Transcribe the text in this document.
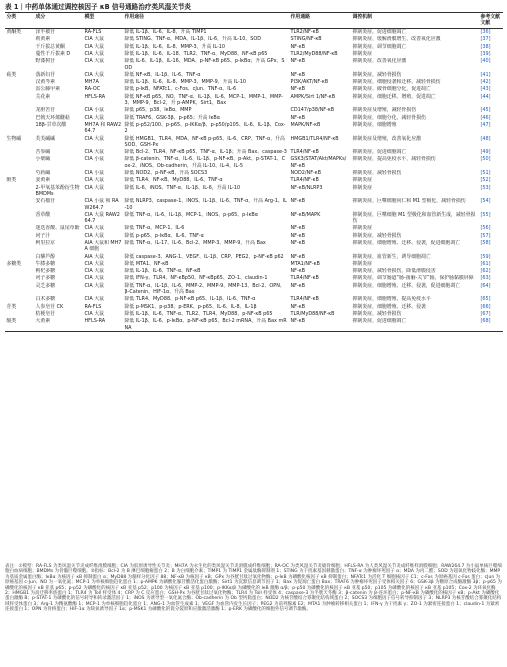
表 1｜中药单体通过调控核因子 κB 信号通路治疗类风湿关节炎
分类	成分	模型	作用途径	作用通路	调控机制	参考文献
文献
黄酮类	泽半被苷	RA-FLS	降低 IL-1β、IL-6、IL-8，升高 TIMP1	TLR2/NF-κB	抑制炎症，促进细胞凋亡	[36]
	莉黄素	CIA 大鼠	降低 STING、TNF-α、MDA、IL-1β、IL-6，升高 IL-10、SOD	STING/NF-κB	抑制炎症，缓解滑膜增生，改善氧化应激	[37]
	千斤拔总黄酮	CIA 大鼠	降低 IL-1β、IL-6、IL-8、MMP-3，升高 IL-10	NF-κB	抑制炎症，调节细胞凋亡	[38]
	蔓性千斤拔素 D	CIA 大鼠	降低 IL-1β、IL-6、IL-18、TLR2、TNF-α、MyD88、NF-κB p65	TLR2/MyD88/NF-κB	抑制炎症	[39]
	野漆树苷	CIA 大鼠	降低 IL-6、IL-1β、IL-16、MDA、p-NF-κB p65、p-IκBα；升高 GPx、SOD	NF-κB	抑制炎症，改善氧化应激	[40]
萜类	落新妇苷	CIA 大鼠	降低 NF-κB、IL-1β、IL-6、TNF-α	NF-κB	抑制炎症，减轻骨损伤	[41]
	汉黄芩素	MH7A	降低 IL-1β、IL-6、IL-8、MMP-3、MMP-9，升高 IL-10	PI3K/AKT/NF-κB	抑制炎症，细胞侵袭和迁移，减轻骨损伤	[42]
	雷公藤甲素	RA-OC	降低 p-IκB、NFATc1、c-Fos、cJun、TNF-α、IL-6	NF-κB	抑制炎症、破骨细胞分化，促进凋亡	[43]
	芫花素	HFLS-RA	降低 NF-κB p65、NO、TNF-α、IL-1β、IL-6、MCP-1、MMP-1、MMP-3、MMP-9，Bcl-2，升 p-AMPK，Sirt1，Bax	AMPK/Sirt 1/NF-κB	抑制炎症，细胞迁移、增殖，促进凋亡	[44]
	龙胆苦苷	CIA 小鼠	降低 p65，p38，IκBα，MMP	CD147/p38/NF-κB	抑制炎症及增殖，减轻骨损伤	[45]
	巴戟天环烯醚萜	CIA 大鼠	降低 TRAF6、GSK-3β、p-p65；升高 IκBα	NF-κB	抑制炎症，细胞分化，减轻骨损伤	[46]
	18β-甘草次酸	MH7A 和 RAW264.7	降低 p-p52/100、p-p65、p-IKKα/β、p-p50/p105、IL-6、IL-1β、Cox-2	MAPK/NF-κB	抑制炎症，细胞增殖	[47]
生物碱	芙芙碱碱	CIA 大鼠	降低 HMGB1、TLR4、MDA、NF-κB p-p65、IL-6、CRP、TNF-α，升高 SOD、GSH-Px	HMGB1/TLR4/NF-κB	抑制炎症及增殖，改善氧化应激	[48]
	苦参碱	CIA 大鼠	降低 Bcl-2、TLR4、NF-κB p65、TNF-α、IL-1β；升高 Bax、caspase-3	TLR4/NF-κB	抑制炎症，促进细胞凋亡	[49]
	小檗碱	CIA 小鼠	降低 β-catenin、TNF-α、IL-6、IL-1β、p-NF-κB、p-Akt、p-STAT-1、Cox-2、iNOS、Ob-cadherin，升高 IL-10、IL-4、IL-5	GSK3/STAT/Akt/MAPKs/NF-κB	抑制炎症，提高免疫水平，减轻骨损伤	[50]
	芍药碱	CIA 小鼠	降低 NOD2、p-NF-κB，升高 SOCS3	NOD2/NF-κB	抑制炎症，减轻骨损伤	[51]
酚类	姜黄素	CIA 大鼠	降低 TLR4、NF-κB、MyD88、IL-6、TNF-α	TLR4/NF-κB	抑制炎症	[52]
	2-甲氧基苯酚衍生物 BMDMs	CIA 大鼠	降低 IL-6、iNOS、TNF-α、IL-1β、IL-6，升高 IL-10	NF-κB/NLRP3	抑制炎症	[53]
	安石榴苷	CIA 小鼠 和 RAW264.7	降低 NLRP3、caspase-1、iNOS、IL-1β、IL-6、TNF-α，升高 Arg-1、IL-10	NF-κB	抑制炎症，巨噬细胞向仁和 M1 型极化，减轻骨损伤	[54]
	香草酸	CIA 大鼠 RAW264.7	降低 TNF-α、IL-6、IL-1β、MCP-1、iNOS、p-p65、p-IκBα	NF-κB/MAPK	抑制炎症，巨噬细胞 M1 型极化和血管新生成，减轻骨损伤	[55]
	迷迭香酸、鼠尾草酚	CIA 大鼠	降低 TNF-α、MCP-1、IL-6	NF-κB	抑制炎症	[56]
	诃子汁	CIA 大鼠	降低 p-p65、p-IκBα、IL-6、TNF-α	NF-κB	抑制炎症，减轻骨损伤	[57]
	柯里拉京	AIA 大鼠和 MH7A 细胞	降低 TNF-α、IL-17、IL-6、Bcl-2、MMP-3、MMP-9，升高 Bax	NF-κB	抑制炎症，细胞增殖、迁移、侵袭，促进细胞凋亡	[58]
	白藜芦醇	AIA 大鼠	降低 caspase-3、ANG-1、VEGF、IL-1β、CRP、PEG2、p-NF-κB p62	NF-κB	抑制炎症，血管新生，诱导细胞凋亡	[59]
多糖类	牛膝多糖	CIA 大鼠	降低 MTA1、NF-κB	MTA1/NF-κB	抑制炎症	[61]
	枸杞多糖	CIA 大鼠	降低 IL-1β、IL-6、TNF-α、NF-κB	NF-κB	抑制炎症，减轻骨损伤，降低滑膜侵害	[62]
	诃子多糖	CIA 大鼠	降低 IFN-γ、TLR4、NF-κBp50、NF-κBp65、ZO-1、claudin-1	TLR4/NF-κB	抑制炎症，调节肠道“肠-菌脑-关节”轴，保护肠黏膜屏障	[63]
	灵芝多糖	CIA 大鼠	降低 TNF-α、IL-1β、IL-6、MMP-2、MMP-9、MMP-13、Bcl-2、OPN、β-Catenin、HIF-1α，升高 Bax	NF-κB	抑制炎症，细胞增殖、迁移、侵袭，促进细胞凋亡	[64]
	白术多糖	CIA 大鼠	降低 TLR4、MyD88、p-NF-κB p65、IL-1β、IL-6、TNF-α	TLR4/NF-κB	抑制炎症，细胞增殖，提高免疫水平	[65]
苷类	人参皂苷 CK	RA-FLS	降低 p-MSK1、p-p38、p-ERK、p-p65、IL-6、IL-8、IL-1β	NF-κB	抑制炎症，细胞增殖、迁移、侵袭	[66]
	桔梗皂苷	CIA 大鼠	降低 IL-1β、IL-6、TNF-α、TLR2、TLR4、MyD88、p-NF-κB p65	TLR/MyD88/NF-κB	抑制炎症，减轻骨损伤	[67]
醌类	大黄素	HFLS-RA	降低 IL-1β、IL-6、p-IκBα、p-NF-κB p65、Bcl-2 mRNA，升高 Bax mRNA	NF-κB	抑制炎症，促进细胞凋亡	[68]
表注：①模型：RA-FLS 为类风湿关节炎成纤维滑膜细胞；CIA 为胶原诱导性关节炎；MH7A 为永生化的类风湿关节炎滑膜成纤维细胞；RA-OC 为类风湿关节炎破骨细胞；HFLS-RA 为人类风湿关节炎成纤维样滑膜细胞；RAW264.7 为小鼠单核巨噬细胞白血病细胞；BMDMs 为骨髓巨噬细胞。②指标：Bcl-2 为 B 淋巴细胞瘤蛋白 2；B 为白细胞介素；TIMP1 为 TIMP1 金属肽酶抑制剂 1；STING 为干扰素基因刺激蛋白；TNF-α 为肿瘤坏死因子 α；MDA 为丙二醛；SOD 为超氧化物歧化酶；MMP 为基质金属蛋白酶；IκBα 为核因子 κB 抑制蛋白 α；MyD88 为髓样分化因子 88；NF-κB 为核因子 κB；GPx 为谷胱甘肽过氧化物酶；p-IκB 为磷酸化核因子 κB 抑制蛋白；NFATc1 为活化 T 细胞核因子 C1；c-Fos 为原癌基因 c-Fos 蛋白；cJun 为原癌基因 c-Jun；NO 为一氧化氮；MCP-1 为单核细胞趋化蛋白 1；p-AMPK 为磷酸化腺苷酸活化蛋白激酶；Sirt1 为沉默信息调节因子 1；Bax 为促凋亡蛋白 Bax；TRAF6 为肿瘤坏死因子受体相关因子 6；GSK-3β 为糖原合成酶激酶 3β；p-p65 为磷酸化的核因子 κB 亚基 p65；p-p52 为磷酸化的核因子 κB 亚基 p52；p100 为核因子 κB 亚基 p100；p-IKKα/β 为磷酸化的 IκB 激酶 α/β；p-p50 为磷酸化的核因子 κB 亚基 p50；p105 为磷酸化的核因子 κB 亚基 p105；Cox-2 为环氧化酶 2；HMGB1 为高迁移率族蛋白 1；TLR4 为 Toll 样受体 4；CRP 为 C 反应蛋白；GSH-Px 为谷胱甘肽过氧化物酶；TLR4 为 Toll 样受体 4；caspase-3 为半胱天冬酶 3；β-catenin 为 β-连环蛋白；p-NF-κB 为磷酸化的核因子 κB；p-Akt 为磷酸化蛋白激酶 B；p-STAT-1 为磷酸化的信号转导和转录激活因子 1；iNOS 为诱导型一氧化氮合酶；Ob-cadherin 为 Ob 型钙黏蛋白；NOD2 为核苷酸结合寡聚化结构域蛋白 2；SOCS3 为细胞因子信号转导抑制因子 3；NLRP3 为核苷酸结合寡聚化结构域样受体蛋白 3；Arg-1 为精氨酸酶 1；MCP-1 为单核细胞趋化蛋白 1；ANG-1 为血管生成素 1；VEGF 为血管内皮生长因子；PEG2 为前列腺素 E2；MTA1 为肿瘤转移相关蛋白 1；IFN-γ 为干扰素 γ；ZO-1 为紧密连接蛋白 1；claudin-1 为紧密连接蛋白 1；OPN 为骨桥蛋白；HIF-1α 为缺氧诱导因子 1α；p-MSK1 为磷酸化的促分裂原和应激激活激酶 1；p-ERK 为磷酸化的细胞外信号调节激酶。
